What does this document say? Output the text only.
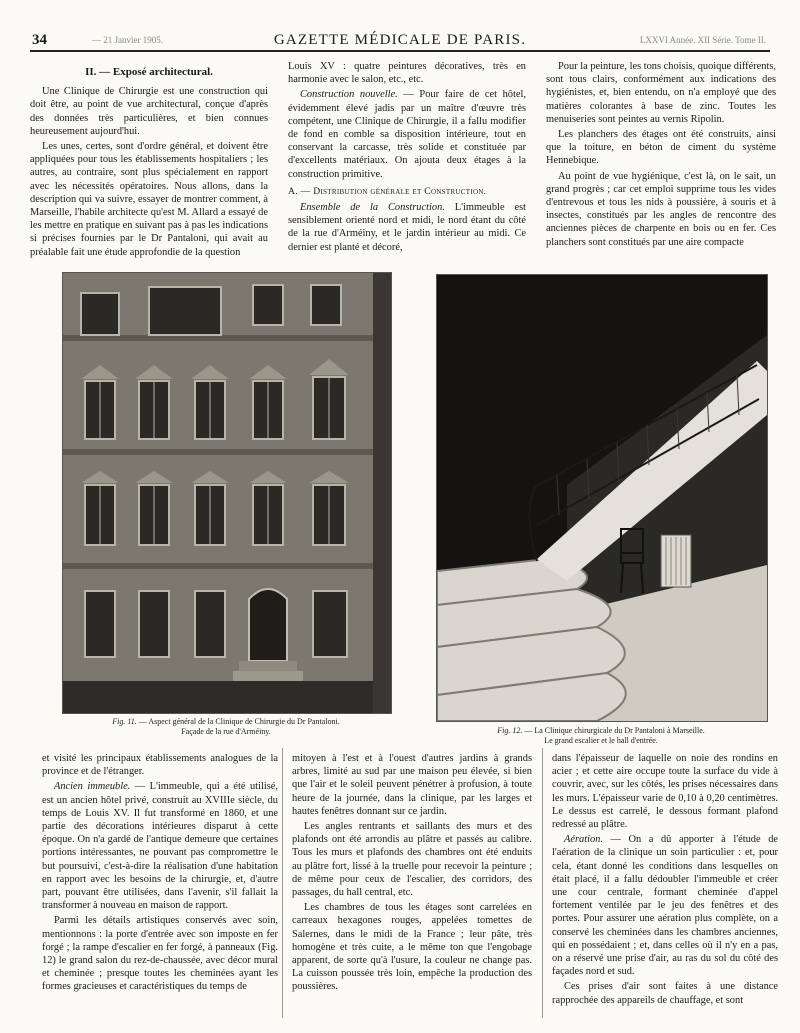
34	— 21 Janvier 1905.	GAZETTE MÉDICALE DE PARIS.	LXXVI Année. XII Série. Tome II.
II. — Exposé architectural.

Une Clinique de Chirurgie est une construction qui doit être, au point de vue architectural, conçue d'après des données très particulières, et bien connues heureusement aujourd'hui.

Les unes, certes, sont d'ordre général, et doivent être appliquées pour tous les établissements hospitaliers ; les autres, au contraire, sont plus spécialement en rapport avec les nécessités opératoires. Nous allons, dans la description qui va suivre, essayer de montrer comment, à Marseille, l'habile architecte qu'est M. Allard a essayé de les mettre en pratique en suivant pas à pas les indications si précises fournies par le Dr Pantaloni, qui avait au préalable fait une étude approfondie de la question

Louis XV : quatre peintures décoratives, très en harmonie avec le salon, etc., etc.

Construction nouvelle. — Pour faire de cet hôtel, évidemment élevé jadis par un maître d'œuvre très compétent, une Clinique de Chirurgie, il a fallu modifier de fond en comble sa disposition intérieure, tout en conservant la carcasse, très solide et constituée par d'excellents matériaux. On ajouta deux étages à la construction primitive.

A. — Distribution générale et Construction.

Ensemble de la Construction. L'immeuble est sensiblement orienté nord et midi, le nord étant du côté de la rue d'Arméiny, et le jardin intérieur au midi. Ce dernier est planté et décoré,

Pour la peinture, les tons choisis, quoique différents, sont tous clairs, conformément aux indications des hygiénistes, et, bien entendu, on n'a employé que des matières colorantes à base de zinc. Toutes les menuiseries sont peintes au vernis Ripolin.

Les planchers des étages ont été construits, ainsi que la toiture, en béton de ciment du système Hennebique.

Au point de vue hygiénique, c'est là, on le sait, un grand progrès ; car cet emploi supprime tous les vides d'entrevous et tous les nids à poussière, à souris et à insectes, constitués par les angles de rencontre des anciennes pièces de charpente en bois ou en fer. Ces planchers sont constitués par une aire compacte

Fig. 11. — Aspect général de la Clinique de Chirurgie du Dr Pantaloni.
Façade de la rue d'Arméiny.	Fig. 12. — La Clinique chirurgicale du Dr Pantaloni à Marseille.
Le grand escalier et le hall d'entrée.

et visité les principaux établissements analogues de la province et de l'étranger.

Ancien immeuble. — L'immeuble, qui a été utilisé, est un ancien hôtel privé, construit au XVIIIe siècle, du temps de Louis XV. Il fut transformé en 1860, et une partie des décorations intérieures disparut à cette époque. On n'a gardé de l'antique demeure que certaines portions intéressantes, ne pouvant pas compromettre le but poursuivi, c'est-à-dire la réalisation d'une habitation en rapport avec les besoins de la chirurgie, et, d'autre part, pouvant être utilisées, dans l'avenir, s'il fallait la transformer à nouveau en maison de rapport.

Parmi les détails artistiques conservés avec soin, mentionnons : la porte d'entrée avec son imposte en fer forgé ; la rampe d'escalier en fer forgé, à panneaux (Fig. 12) le grand salon du rez-de-chaussée, avec décor mural et cheminée ; presque toutes les cheminées ayant les formes gracieuses et caractéristiques du temps de

mitoyen à l'est et à l'ouest d'autres jardins à grands arbres, limité au sud par une maison peu élevée, si bien que l'air et le soleil peuvent pénétrer à profusion, à toute heure de la journée, dans la clinique, par les larges et hautes fenêtres donnant sur ce jardin.

Les angles rentrants et saillants des murs et des plafonds ont été arrondis au plâtre et passés au calibre. Tous les murs et plafonds des chambres ont été enduits au plâtre fort, lissé à la truelle pour recevoir la peinture ; de même pour ceux de l'escalier, des corridors, des passages, du hall central, etc.

Les chambres de tous les étages sont carrelées en carreaux hexagones rouges, appelées tomettes de Salernes, dans le midi de la France ; leur pâte, très homogène et très cuite, a le même ton que l'engobage apparent, de sorte qu'à l'usure, la couleur ne change pas. La cuisson poussée très loin, empêche la production des poussières.

dans l'épaisseur de laquelle on noie des rondins en acier ; et cette aire occupe toute la surface du vide à couvrir, avec, sur les côtés, les prises nécessaires dans les murs. L'épaisseur varie de 0,10 à 0,20 centimètres. Le dessus est carrelé, le dessous formant plafond redressé au plâtre.

Aération. — On a dû apporter à l'étude de l'aération de la clinique un soin particulier : et, pour cela, étant donné les conditions dans lesquelles on était placé, il a fallu dédoubler l'immeuble et créer une cour centrale, formant cheminée d'appel fortement ventilée par le jeu des fenêtres et des portes. Pour assurer une aération plus complète, on a conservé les cheminées dans les chambres anciennes, qui en possédaient ; et, dans celles où il n'y en a pas, on a réservé une prise d'air, au ras du sol du côté des façades nord et sud.

Ces prises d'air sont faites à une distance rapprochée des appareils de chauffage, et sont
